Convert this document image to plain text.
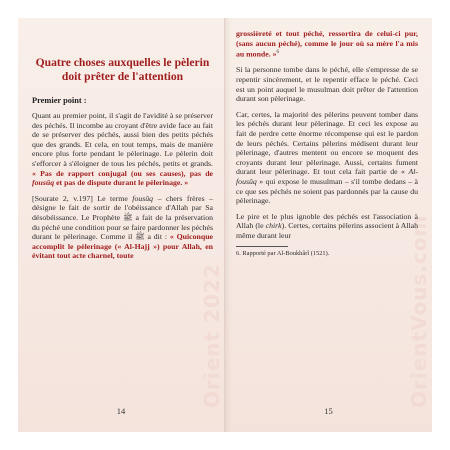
Orient 2022
Quatre choses auxquelles le pèlerin doit prêter de l'attention
Premier point :

Quant au premier point, il s'agit de l'avidité à se préserver des péchés. Il incombe au croyant d'être avide face au fait de se préserver des péchés, aussi bien des petits péchés que des grands. Et cela, en tout temps, mais de manière encore plus forte pendant le pèlerinage. Le pèlerin doit s'efforcer à s'éloigner de tous les péchés, petits et grands. « Pas de rapport conjugal (ou ses causes), pas de fousûq et pas de dispute durant le pèlerinage. »

[Sourate 2, v.197] Le terme fousûq – chers frères – désigne le fait de sortir de l'obéissance d'Allah par Sa désobéissance. Le Prophète ﷺ a fait de la préservation du péché une condition pour se faire pardonner les péchés durant le pèlerinage. Comme il ﷺ a dit : « Quiconque accomplit le pèlerinage (« Al-Hajj ») pour Allah, en évitant tout acte charnel, toute

14
OrientVous.com

grossièreté et tout péché, ressortira de celui-ci pur, (sans aucun péché), comme le jour où sa mère l'a mis au monde. »$^6$

Si la personne tombe dans le péché, elle s'empresse de se repentir sincèrement, et le repentir efface le péché. Ceci est un point auquel le musulman doit prêter de l'attention durant son pèlerinage.

Car, certes, la majorité des pèlerins peuvent tomber dans les péchés durant leur pèlerinage. Et ceci les expose au fait de perdre cette énorme récompense qui est le pardon de leurs péchés. Certains pèlerins médisent durant leur pèlerinage, d'autres mentent ou encore se moquent des croyants durant leur pèlerinage. Aussi, certains fument durant leur pèlerinage. Et tout cela fait partie de « Al-fousûq » qui expose le musulman – s'il tombe dedans – à ce que ses péchés ne soient pas pardonnés par la cause du pèlerinage.

Le pire et le plus ignoble des péchés est l'association à Allah (le chirk). Certes, certains pèlerins associent à Allah même durant leur

6. Rapporté par Al-Boukhârî (1521).

15
